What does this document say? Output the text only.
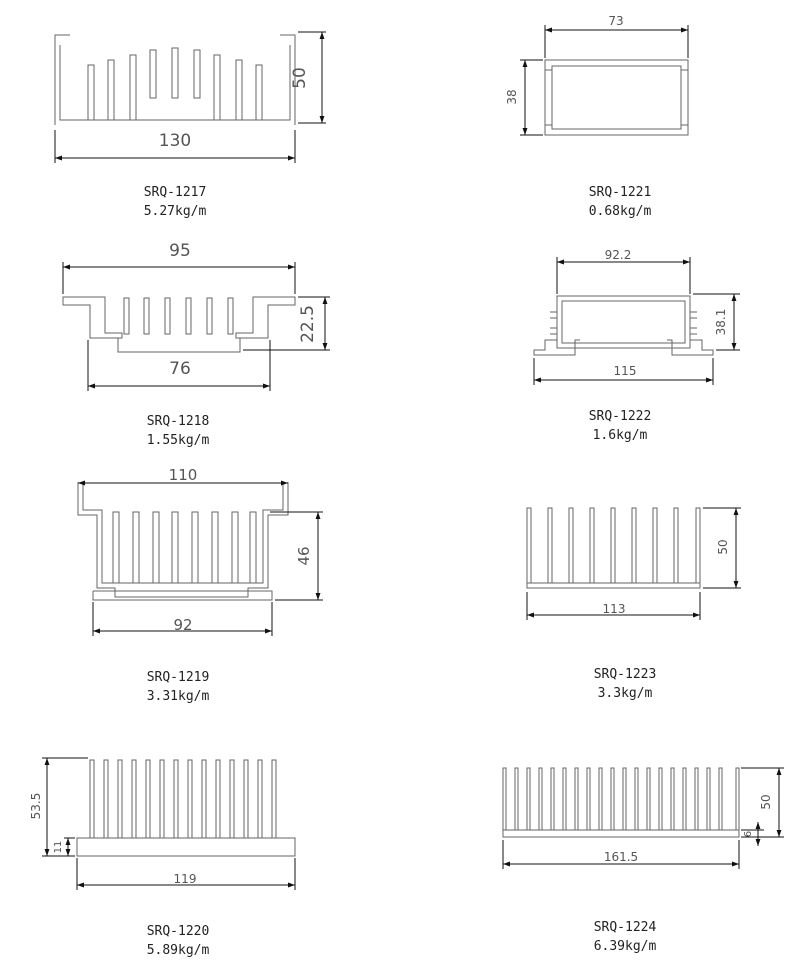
130
50
73
38
95
76
22.5
92.2
115
38.1
110
92
46
113
50
119
53.5
11
161.5
50
6
SRQ-1217
5.27kg/m
SRQ-1221
0.68kg/m
SRQ-1218
1.55kg/m
SRQ-1222
1.6kg/m
SRQ-1219
3.31kg/m
SRQ-1223
3.3kg/m
SRQ-1220
5.89kg/m
SRQ-1224
6.39kg/m
